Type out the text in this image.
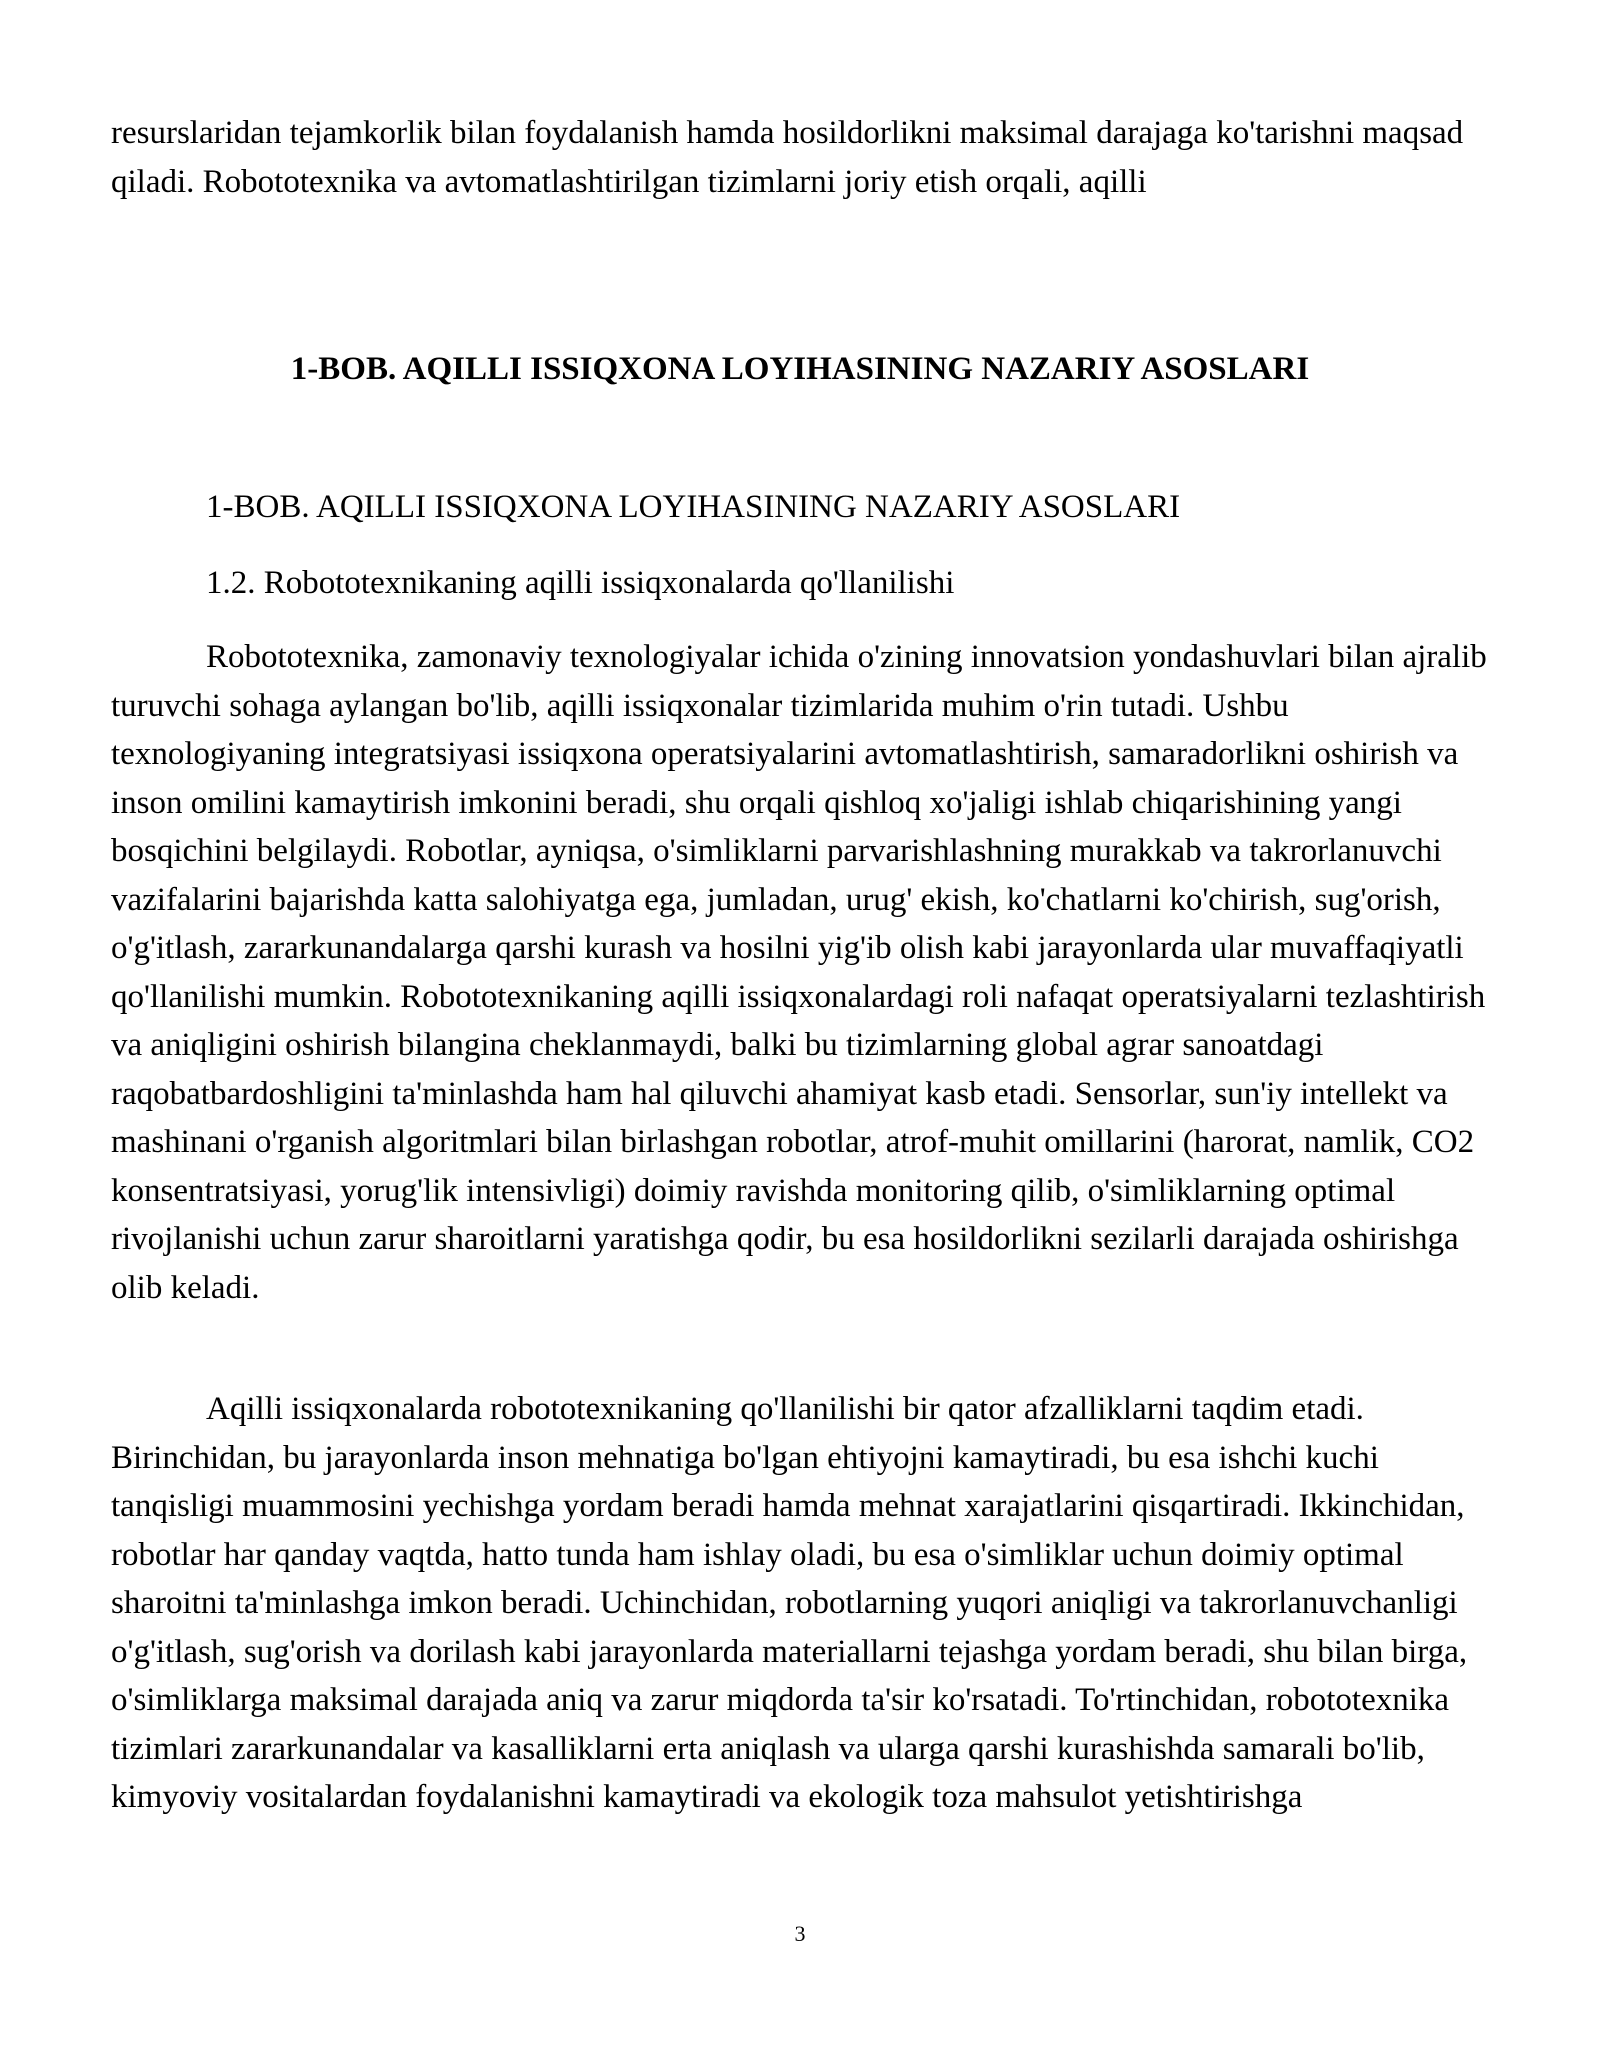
resurslaridan tejamkorlik bilan foydalanish hamda hosildorlikni maksimal darajaga ko'tarishni maqsad qiladi. Robototexnika va avtomatlashtirilgan tizimlarni joriy etish orqali, aqilli

1-BOB. AQILLI ISSIQXONA LOYIHASINING NAZARIY ASOSLARI
1-BOB. AQILLI ISSIQXONA LOYIHASINING NAZARIY ASOSLARI
1.2. Robototexnikaning aqilli issiqxonalarda qo'llanilishi

Robototexnika, zamonaviy texnologiyalar ichida o'zining innovatsion yondashuvlari bilan ajralib turuvchi sohaga aylangan bo'lib, aqilli issiqxonalar tizimlarida muhim o'rin tutadi. Ushbu texnologiyaning integratsiyasi issiqxona operatsiyalarini avtomatlashtirish, samaradorlikni oshirish va inson omilini kamaytirish imkonini beradi, shu orqali qishloq xo'jaligi ishlab chiqarishining yangi bosqichini belgilaydi. Robotlar, ayniqsa, o'simliklarni parvarishlashning murakkab va takrorlanuvchi vazifalarini bajarishda katta salohiyatga ega, jumladan, urug' ekish, ko'chatlarni ko'chirish, sug'orish, o'g'itlash, zararkunandalarga qarshi kurash va hosilni yig'ib olish kabi jarayonlarda ular muvaffaqiyatli qo'llanilishi mumkin. Robototexnikaning aqilli issiqxonalardagi roli nafaqat operatsiyalarni tezlashtirish va aniqligini oshirish bilangina cheklanmaydi, balki bu tizimlarning global agrar sanoatdagi raqobatbardoshligini ta'minlashda ham hal qiluvchi ahamiyat kasb etadi. Sensorlar, sun'iy intellekt va mashinani o'rganish algoritmlari bilan birlashgan robotlar, atrof-muhit omillarini (harorat, namlik, CO2 konsentratsiyasi, yorug'lik intensivligi) doimiy ravishda monitoring qilib, o'simliklarning optimal rivojlanishi uchun zarur sharoitlarni yaratishga qodir, bu esa hosildorlikni sezilarli darajada oshirishga olib keladi.

Aqilli issiqxonalarda robototexnikaning qo'llanilishi bir qator afzalliklarni taqdim etadi. Birinchidan, bu jarayonlarda inson mehnatiga bo'lgan ehtiyojni kamaytiradi, bu esa ishchi kuchi tanqisligi muammosini yechishga yordam beradi hamda mehnat xarajatlarini qisqartiradi. Ikkinchidan, robotlar har qanday vaqtda, hatto tunda ham ishlay oladi, bu esa o'simliklar uchun doimiy optimal sharoitni ta'minlashga imkon beradi. Uchinchidan, robotlarning yuqori aniqligi va takrorlanuvchanligi o'g'itlash, sug'orish va dorilash kabi jarayonlarda materiallarni tejashga yordam beradi, shu bilan birga, o'simliklarga maksimal darajada aniq va zarur miqdorda ta'sir ko'rsatadi. To'rtinchidan, robototexnika tizimlari zararkunandalar va kasalliklarni erta aniqlash va ularga qarshi kurashishda samarali bo'lib, kimyoviy vositalardan foydalanishni kamaytiradi va ekologik toza mahsulot yetishtirishga

3
